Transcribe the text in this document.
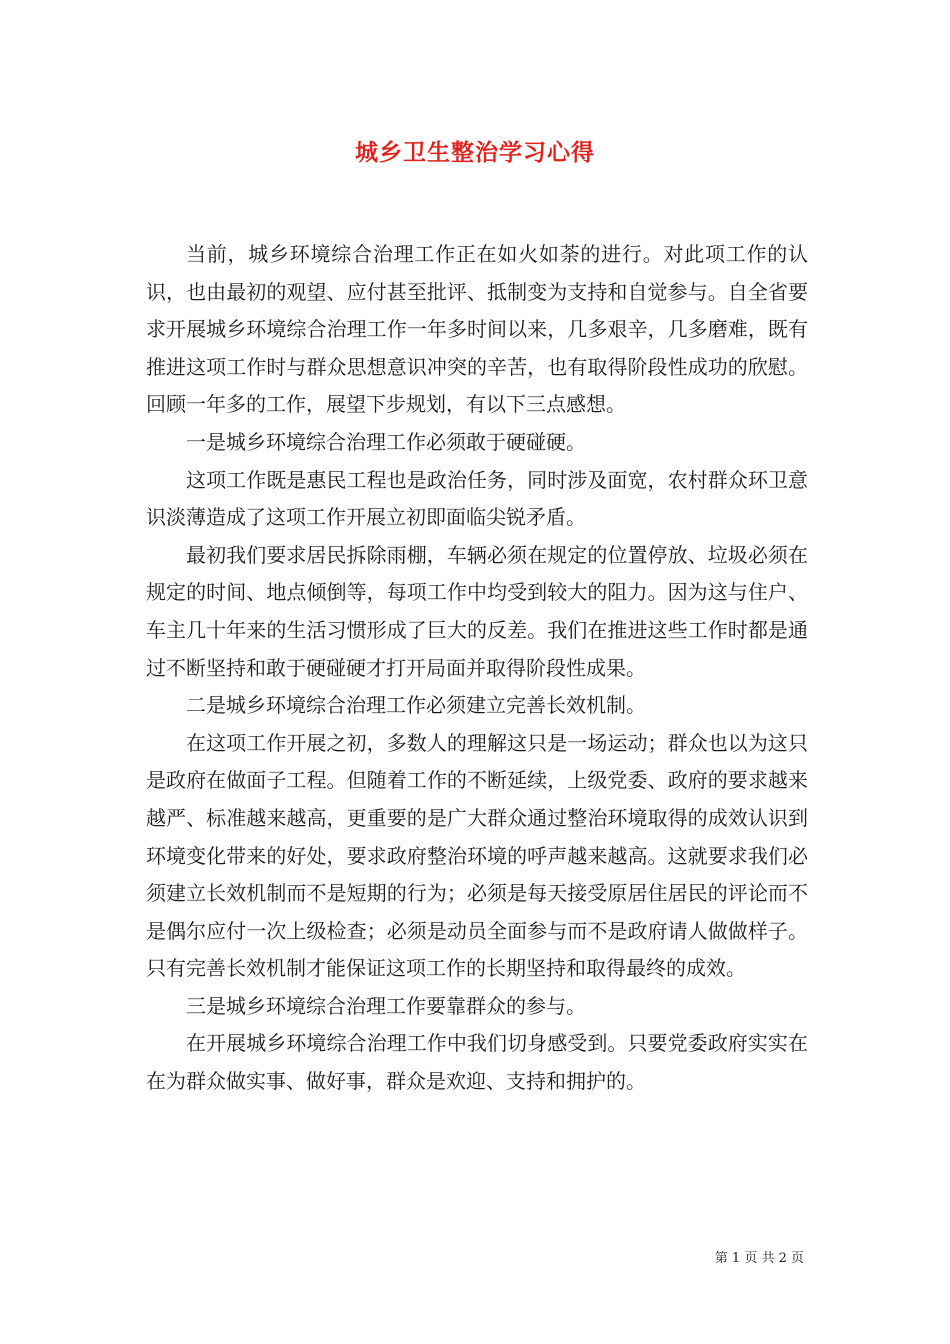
城乡卫生整治学习心得

当前，城乡环境综合治理工作正在如火如荼的进行。对此项工作的认识，也由最初的观望、应付甚至批评、抵制变为支持和自觉参与。自全省要求开展城乡环境综合治理工作一年多时间以来，几多艰辛，几多磨难，既有推进这项工作时与群众思想意识冲突的辛苦，也有取得阶段性成功的欣慰。回顾一年多的工作，展望下步规划，有以下三点感想。

一是城乡环境综合治理工作必须敢于硬碰硬。

这项工作既是惠民工程也是政治任务，同时涉及面宽，农村群众环卫意识淡薄造成了这项工作开展立初即面临尖锐矛盾。

最初我们要求居民拆除雨棚，车辆必须在规定的位置停放、垃圾必须在规定的时间、地点倾倒等，每项工作中均受到较大的阻力。因为这与住户、车主几十年来的生活习惯形成了巨大的反差。我们在推进这些工作时都是通过不断坚持和敢于硬碰硬才打开局面并取得阶段性成果。

二是城乡环境综合治理工作必须建立完善长效机制。

在这项工作开展之初，多数人的理解这只是一场运动；群众也以为这只是政府在做面子工程。但随着工作的不断延续，上级党委、政府的要求越来越严、标准越来越高，更重要的是广大群众通过整治环境取得的成效认识到环境变化带来的好处，要求政府整治环境的呼声越来越高。这就要求我们必须建立长效机制而不是短期的行为；必须是每天接受原居住居民的评论而不是偶尔应付一次上级检查；必须是动员全面参与而不是政府请人做做样子。只有完善长效机制才能保证这项工作的长期坚持和取得最终的成效。

三是城乡环境综合治理工作要靠群众的参与。

在开展城乡环境综合治理工作中我们切身感受到。只要党委政府实实在在为群众做实事、做好事，群众是欢迎、支持和拥护的。

第 1 页 共 2 页
